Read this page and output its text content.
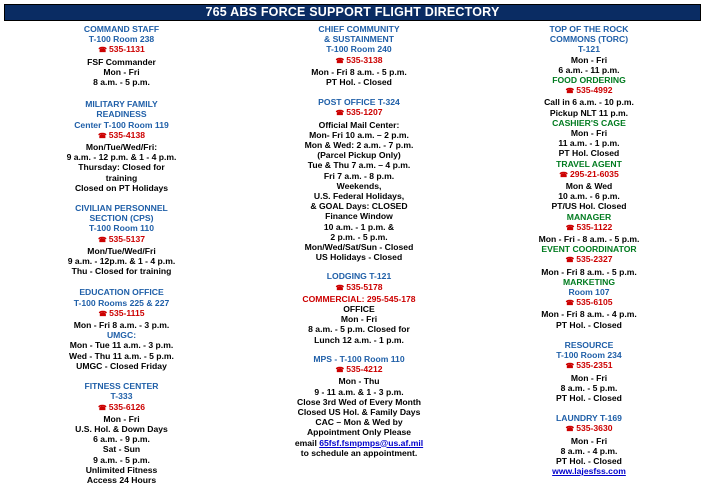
765 ABS FORCE SUPPORT FLIGHT DIRECTORY
COMMAND STAFF
T-100 Room 238
☎ 535-1131
FSF Commander
Mon - Fri
8 a.m. - 5 p.m.
MILITARY FAMILY
READINESS
Center T-100 Room 119
☎ 535-4138
Mon/Tue/Wed/Fri:
9 a.m. - 12 p.m. & 1 - 4 p.m.
Thursday: Closed for
training
Closed on PT Holidays
CIVILIAN PERSONNEL
SECTION (CPS)
T-100 Room 110
☎ 535-5137
Mon/Tue/Wed/Fri
9 a.m. - 12p.m. & 1 - 4 p.m.
Thu - Closed for training
EDUCATION OFFICE
T-100 Rooms 225 & 227
☎ 535-1115
Mon - Fri 8 a.m. - 3 p.m.
UMGC:
Mon - Tue 11 a.m. - 3 p.m.
Wed - Thu 11 a.m. - 5 p.m.
UMGC - Closed Friday
FITNESS CENTER
T-333
☎ 535-6126
Mon - Fri
U.S. Hol. & Down Days
6 a.m. - 9 p.m.
Sat - Sun
9 a.m. - 5 p.m.
Unlimited Fitness
Access 24 Hours
CHIEF COMMUNITY
& SUSTAINMENT
T-100 Room 240
☎ 535-3138
Mon - Fri 8 a.m. - 5 p.m.
PT Hol. - Closed
POST OFFICE T-324
☎ 535-1207
Official Mail Center:
Mon- Fri 10 a.m. – 2 p.m.
Mon & Wed: 2 a.m. - 7 p.m.
(Parcel Pickup Only)
Tue & Thu 7 a.m. – 4 p.m.
Fri 7 a.m. - 8 p.m.
Weekends,
U.S. Federal Holidays,
& GOAL Days: CLOSED
Finance Window
10 a.m. - 1 p.m. &
2 p.m. - 5 p.m.
Mon/Wed/Sat/Sun - Closed
US Holidays - Closed
LODGING T-121
☎ 535-5178
COMMERCIAL: 295-545-178
OFFICE
Mon - Fri
8 a.m. - 5 p.m. Closed for
Lunch 12 a.m. - 1 p.m.
MPS - T-100 Room 110
☎ 535-4212
Mon - Thu
9 - 11 a.m. & 1 - 3 p.m.
Close 3rd Wed of Every Month
Closed US Hol. & Family Days
CAC – Mon & Wed by
Appointment Only Please
email 65fsf.fsmpmps@us.af.mil
to schedule an appointment.
TOP OF THE ROCK
COMMONS (TORC)
T-121
Mon - Fri
6 a.m. - 11 p.m.
FOOD ORDERING
☎ 535-4992
Call in 6 a.m. - 10 p.m.
Pickup NLT 11 p.m.
CASHIER'S CAGE
Mon - Fri
11 a.m. - 1 p.m.
PT Hol. Closed
TRAVEL AGENT
☎ 295-21-6035
Mon & Wed
10 a.m. - 6 p.m.
PT/US Hol. Closed
MANAGER
☎ 535-1122
Mon - Fri - 8 a.m. - 5 p.m.
EVENT COORDINATOR
☎ 535-2327
Mon - Fri 8 a.m. - 5 p.m.
MARKETING
Room 107
☎ 535-6105
Mon - Fri 8 a.m. - 4 p.m.
PT Hol. - Closed
RESOURCE
T-100 Room 234
☎ 535-2351
Mon - Fri
8 a.m. - 5 p.m.
PT Hol. - Closed
LAUNDRY T-169
☎ 535-3630
Mon - Fri
8 a.m. - 4 p.m.
PT Hol. - Closed
www.lajesfss.com
